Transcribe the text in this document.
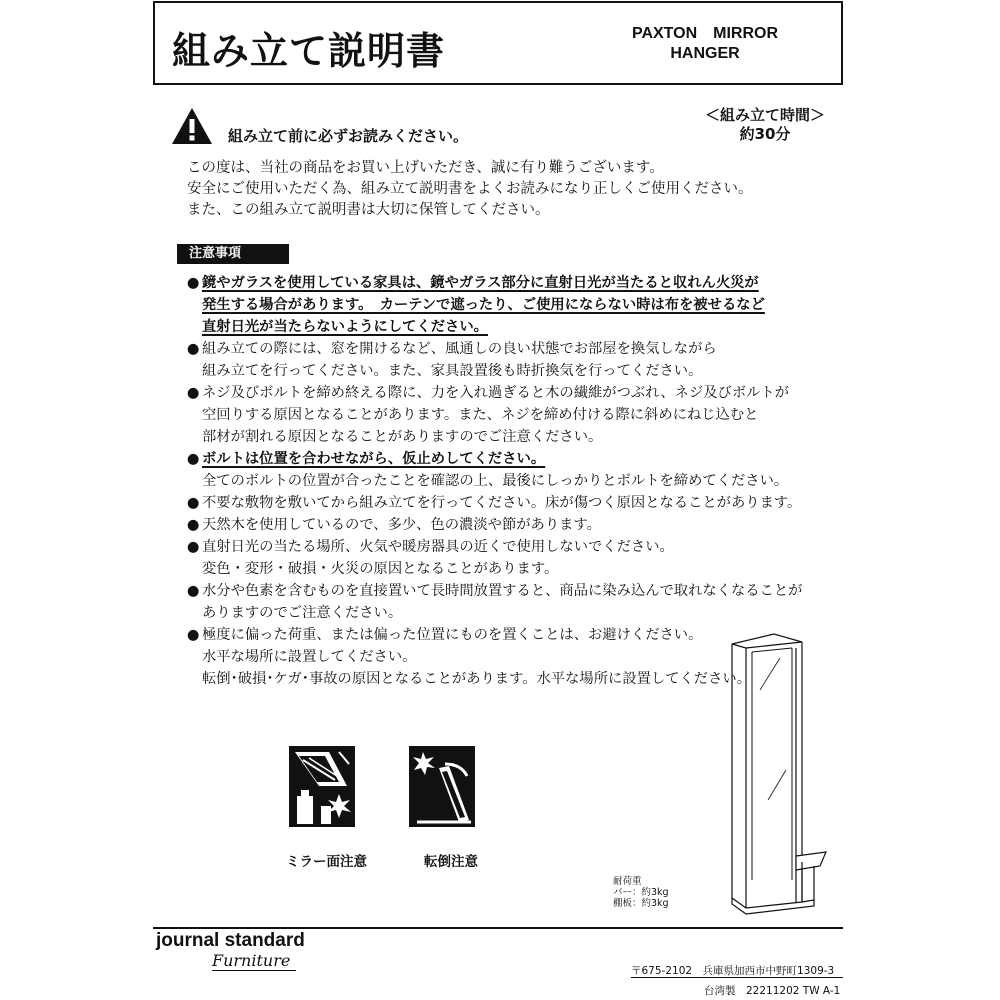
組み立て説明書	PAXTON　MIRROR
HANGER
組み立て前に必ずお読みください。
＜組み立て時間＞
約30分
この度は、当社の商品をお買い上げいただき、誠に有り難うございます。
安全にご使用いただく為、組み立て説明書をよくお読みになり正しくご使用ください。
また、この組み立て説明書は大切に保管してください。
注意事項
● 鏡やガラスを使用している家具は、鏡やガラス部分に直射日光が当たると収れん火災が
発生する場合があります。　カーテンで遮ったり、ご使用にならない時は布を被せるなど
直射日光が当たらないようにしてください。
● 組み立ての際には、窓を開けるなど、風通しの良い状態でお部屋を換気しながら
組み立てを行ってください。また、家具設置後も時折換気を行ってください。
● ネジ及びボルトを締め終える際に、力を入れ過ぎると木の繊維がつぶれ、ネジ及びボルトが
空回りする原因となることがあります。また、ネジを締め付ける際に斜めにねじ込むと
部材が割れる原因となることがありますのでご注意ください。
● ボルトは位置を合わせながら、仮止めしてください。
全てのボルトの位置が合ったことを確認の上、最後にしっかりとボルトを締めてください。
● 不要な敷物を敷いてから組み立てを行ってください。床が傷つく原因となることがあります。
● 天然木を使用しているので、多少、色の濃淡や節があります。
● 直射日光の当たる場所、火気や暖房器具の近くで使用しないでください。
変色・変形・破損・火災の原因となることがあります。
● 水分や色素を含むものを直接置いて長時間放置すると、商品に染み込んで取れなくなることが
ありますのでご注意ください。
● 極度に偏った荷重、または偏った位置にものを置くことは、お避けください。
水平な場所に設置してください。
転倒･破損･ケガ･事故の原因となることがあります。水平な場所に設置してください。
ミラー面注意	転倒注意
耐荷重
バー：約3kg
棚板：約3kg
journal standard
Furniture
〒675-2102　兵庫県加西市中野町1309-3
台湾製　22211202 TW A-1
